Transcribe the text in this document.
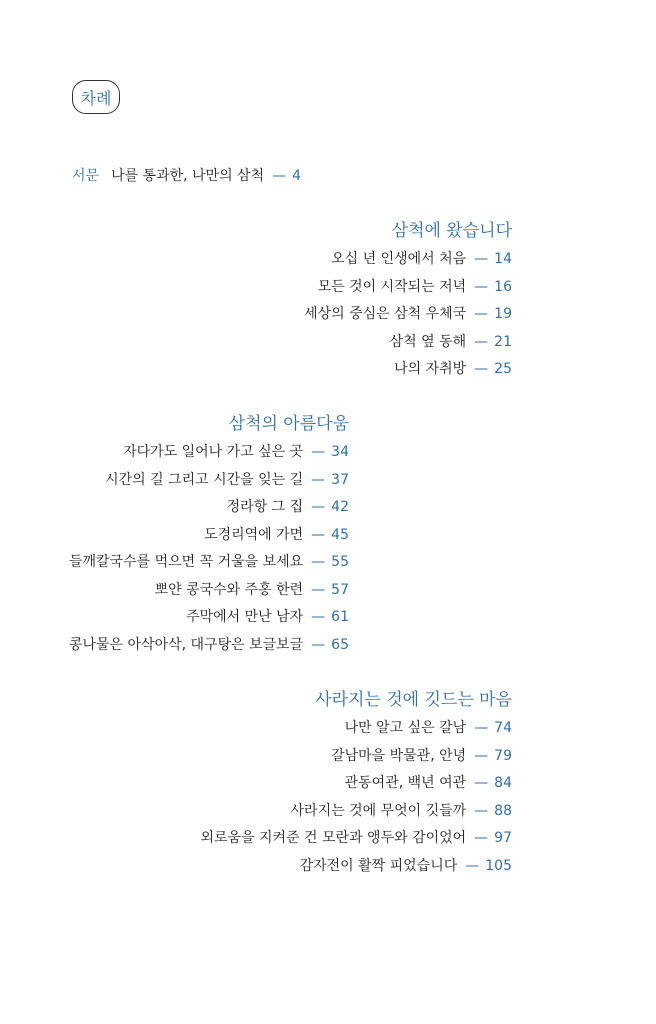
차례
서문 나를 통과한, 나만의 삼척 — 4
삼척에 왔습니다
오십 년 인생에서 처음 — 14
모든 것이 시작되는 저녁 — 16
세상의 중심은 삼척 우체국 — 19
삼척 옆 동해 — 21
나의 자취방 — 25
삼척의 아름다움
자다가도 일어나 가고 싶은 곳 — 34
시간의 길 그리고 시간을 잊는 길 — 37
정라항 그 집 — 42
도경리역에 가면 — 45
들깨칼국수를 먹으면 꼭 거울을 보세요 — 55
뽀얀 콩국수와 주홍 한련 — 57
주막에서 만난 남자 — 61
콩나물은 아삭아삭, 대구탕은 보글보글 — 65
사라지는 것에 깃드는 마음
나만 알고 싶은 갈남 — 74
갈남마을 박물관, 안녕 — 79
관동여관, 백년 여관 — 84
사라지는 것에 무엇이 깃들까 — 88
외로움을 지켜준 건 모란과 앵두와 감이었어 — 97
감자전이 활짝 피었습니다 — 105
